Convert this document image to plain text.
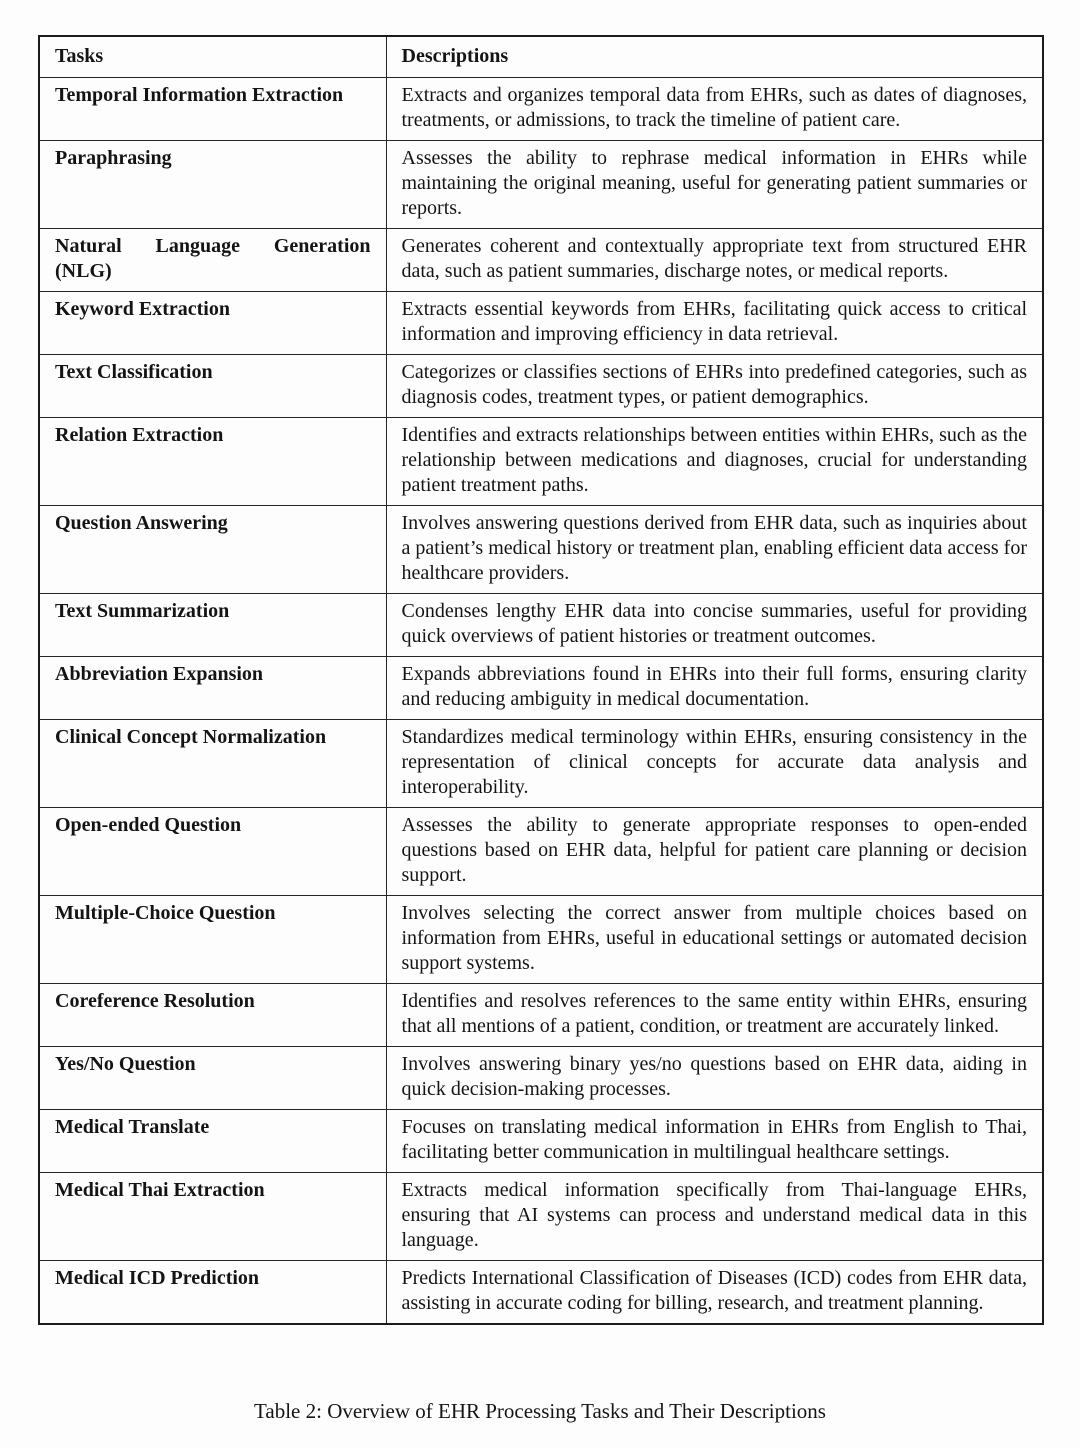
Tasks	Descriptions
Temporal Information Extraction	Extracts and organizes temporal data from EHRs, such as dates of diagnoses, treatments, or admissions, to track the timeline of patient care.
Paraphrasing	Assesses the ability to rephrase medical information in EHRs while maintaining the original meaning, useful for generating patient summaries or reports.
Natural Language Generation (NLG)	Generates coherent and contextually appropriate text from structured EHR data, such as patient summaries, discharge notes, or medical reports.
Keyword Extraction	Extracts essential keywords from EHRs, facilitating quick access to critical information and improving efficiency in data retrieval.
Text Classification	Categorizes or classifies sections of EHRs into predefined categories, such as diagnosis codes, treatment types, or patient demographics.
Relation Extraction	Identifies and extracts relationships between entities within EHRs, such as the relationship between medications and diagnoses, crucial for understanding patient treatment paths.
Question Answering	Involves answering questions derived from EHR data, such as inquiries about a patient’s medical history or treatment plan, enabling efficient data access for healthcare providers.
Text Summarization	Condenses lengthy EHR data into concise summaries, useful for providing quick overviews of patient histories or treatment outcomes.
Abbreviation Expansion	Expands abbreviations found in EHRs into their full forms, ensuring clarity and reducing ambiguity in medical documentation.
Clinical Concept Normalization	Standardizes medical terminology within EHRs, ensuring consistency in the representation of clinical concepts for accurate data analysis and interoperability.
Open-ended Question	Assesses the ability to generate appropriate responses to open-ended questions based on EHR data, helpful for patient care planning or decision support.
Multiple-Choice Question	Involves selecting the correct answer from multiple choices based on information from EHRs, useful in educational settings or automated decision support systems.
Coreference Resolution	Identifies and resolves references to the same entity within EHRs, ensuring that all mentions of a patient, condition, or treatment are accurately linked.
Yes/No Question	Involves answering binary yes/no questions based on EHR data, aiding in quick decision-making processes.
Medical Translate	Focuses on translating medical information in EHRs from English to Thai, facilitating better communication in multilingual healthcare settings.
Medical Thai Extraction	Extracts medical information specifically from Thai-language EHRs, ensuring that AI systems can process and understand medical data in this language.
Medical ICD Prediction	Predicts International Classification of Diseases (ICD) codes from EHR data, assisting in accurate coding for billing, research, and treatment planning.
Table 2: Overview of EHR Processing Tasks and Their Descriptions
